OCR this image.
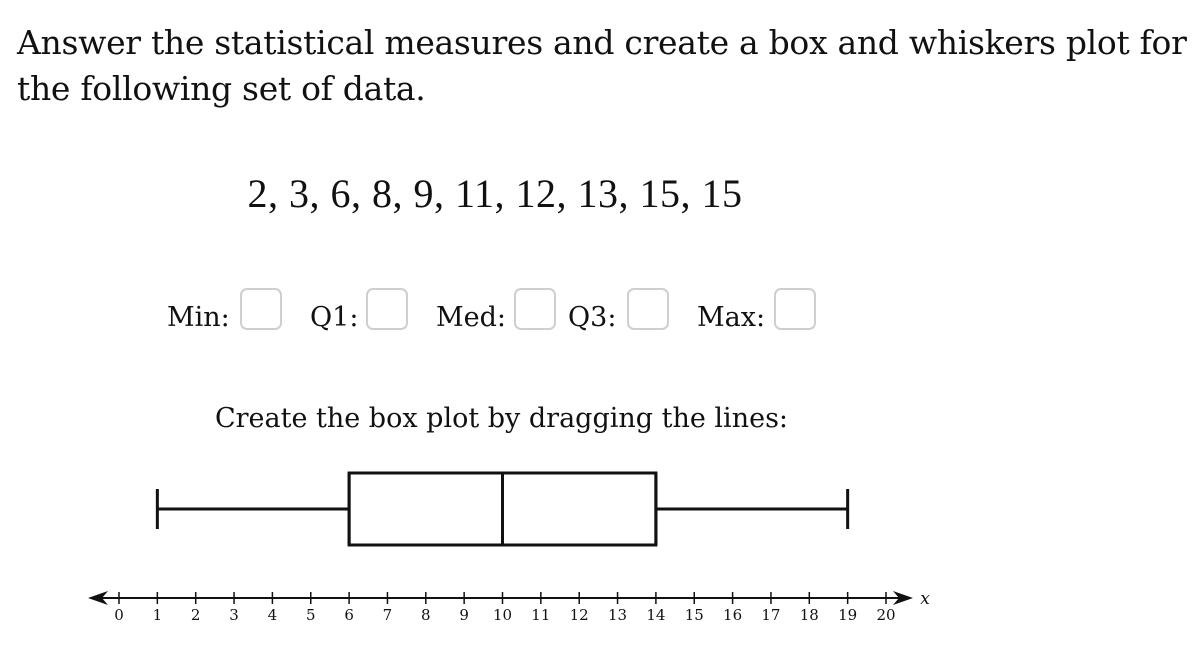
Answer the statistical measures and create a box and whiskers plot for the following set of data.
2, 3, 6, 8, 9, 11, 12, 13, 15, 15
Min:	Q1:	Med: Q3:	Max:
Create the box plot by dragging the lines:
0 1 2 3 4 5 6 7 8 9 10 11 12 13 14 15 16 17 18 19 20
x
